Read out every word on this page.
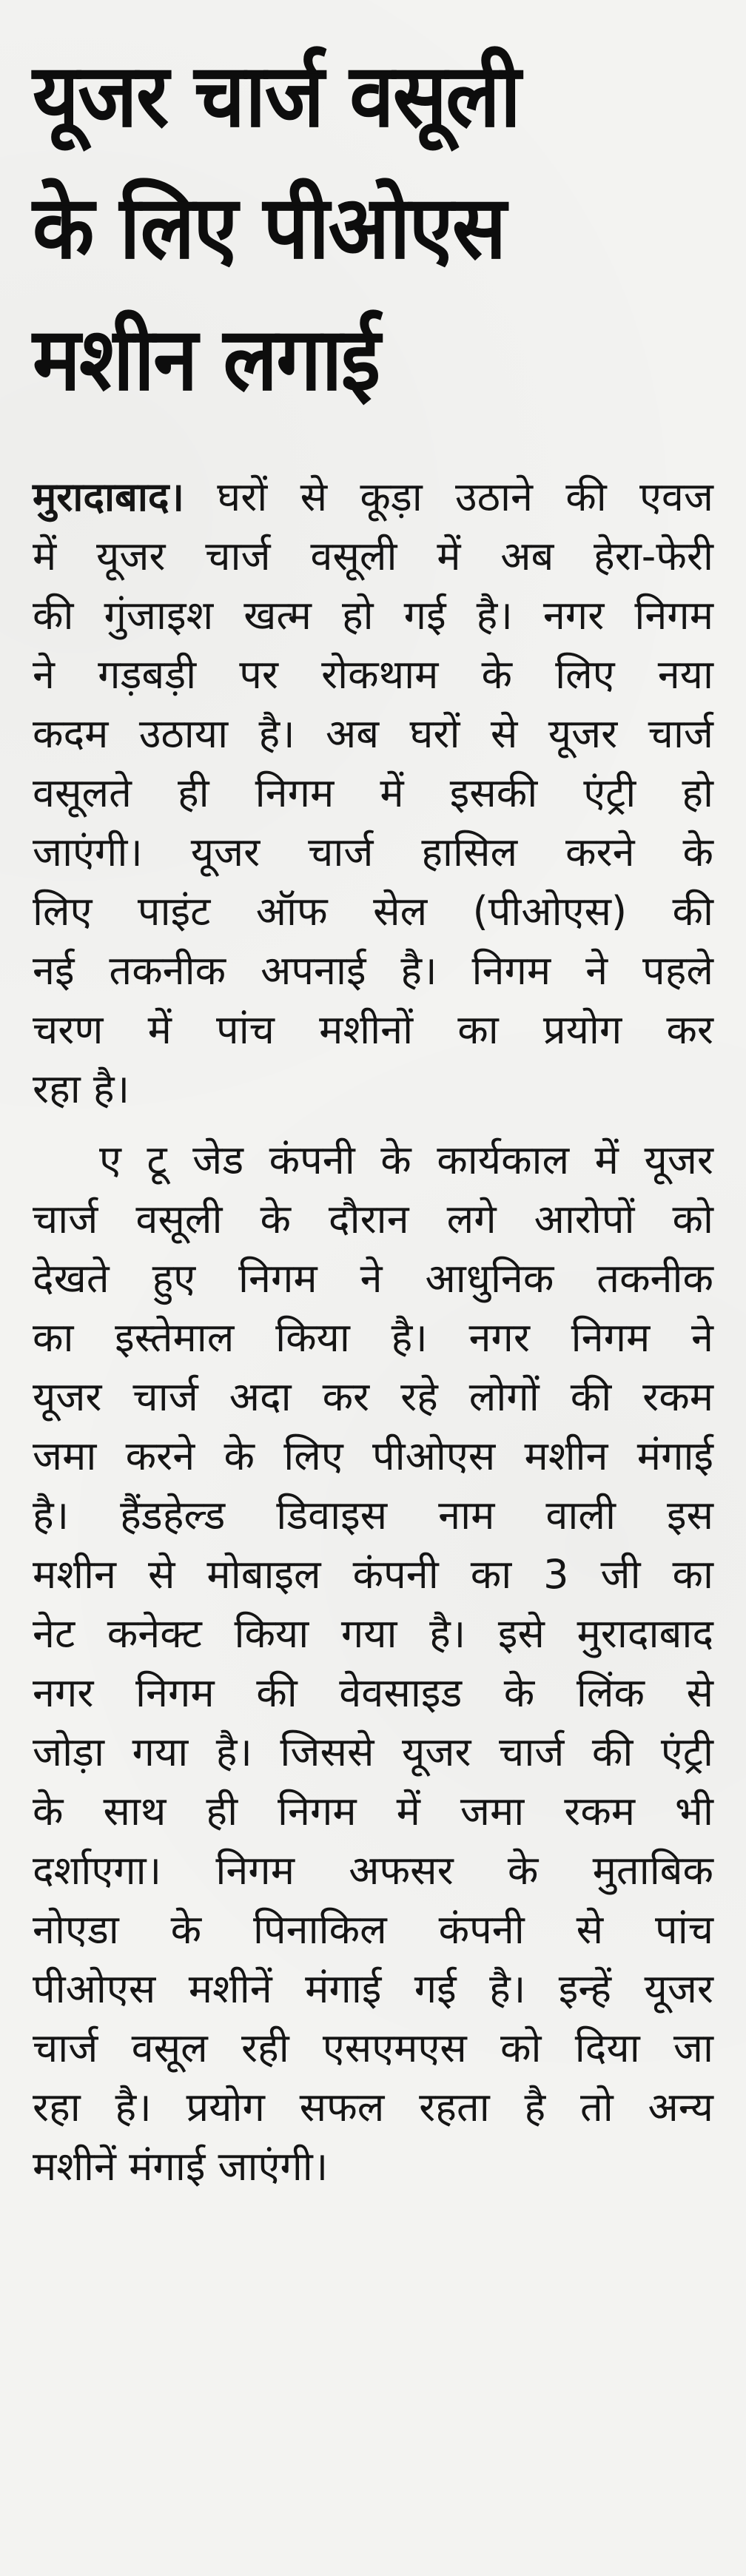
यूजर चार्ज वसूली
के लिए पीओएस
मशीन लगाई
मुरादाबाद। घरों से कूड़ा उठाने की एवज
में यूजर चार्ज वसूली में अब हेरा-फेरी
की गुंजाइश खत्म हो गई है। नगर निगम
ने गड़बड़ी पर रोकथाम के लिए नया
कदम उठाया है। अब घरों से यूजर चार्ज
वसूलते ही निगम में इसकी एंट्री हो
जाएंगी। यूजर चार्ज हासिल करने के
लिए पाइंट ऑफ सेल (पीओएस) की
नई तकनीक अपनाई है। निगम ने पहले
चरण में पांच मशीनों का प्रयोग कर
रहा है।
ए टू जेड कंपनी के कार्यकाल में यूजर
चार्ज वसूली के दौरान लगे आरोपों को
देखते हुए निगम ने आधुनिक तकनीक
का इस्तेमाल किया है। नगर निगम ने
यूजर चार्ज अदा कर रहे लोगों की रकम
जमा करने के लिए पीओएस मशीन मंगाई
है। हैंडहेल्ड डिवाइस नाम वाली इस
मशीन से मोबाइल कंपनी का 3 जी का
नेट कनेक्ट किया गया है। इसे मुरादाबाद
नगर निगम की वेवसाइड के लिंक से
जोड़ा गया है। जिससे यूजर चार्ज की एंट्री
के साथ ही निगम में जमा रकम भी
दर्शाएगा। निगम अफसर के मुताबिक
नोएडा के पिनाकिल कंपनी से पांच
पीओएस मशीनें मंगाई गई है। इन्हें यूजर
चार्ज वसूल रही एसएमएस को दिया जा
रहा है। प्रयोग सफल रहता है तो अन्य
मशीनें मंगाई जाएंगी।
